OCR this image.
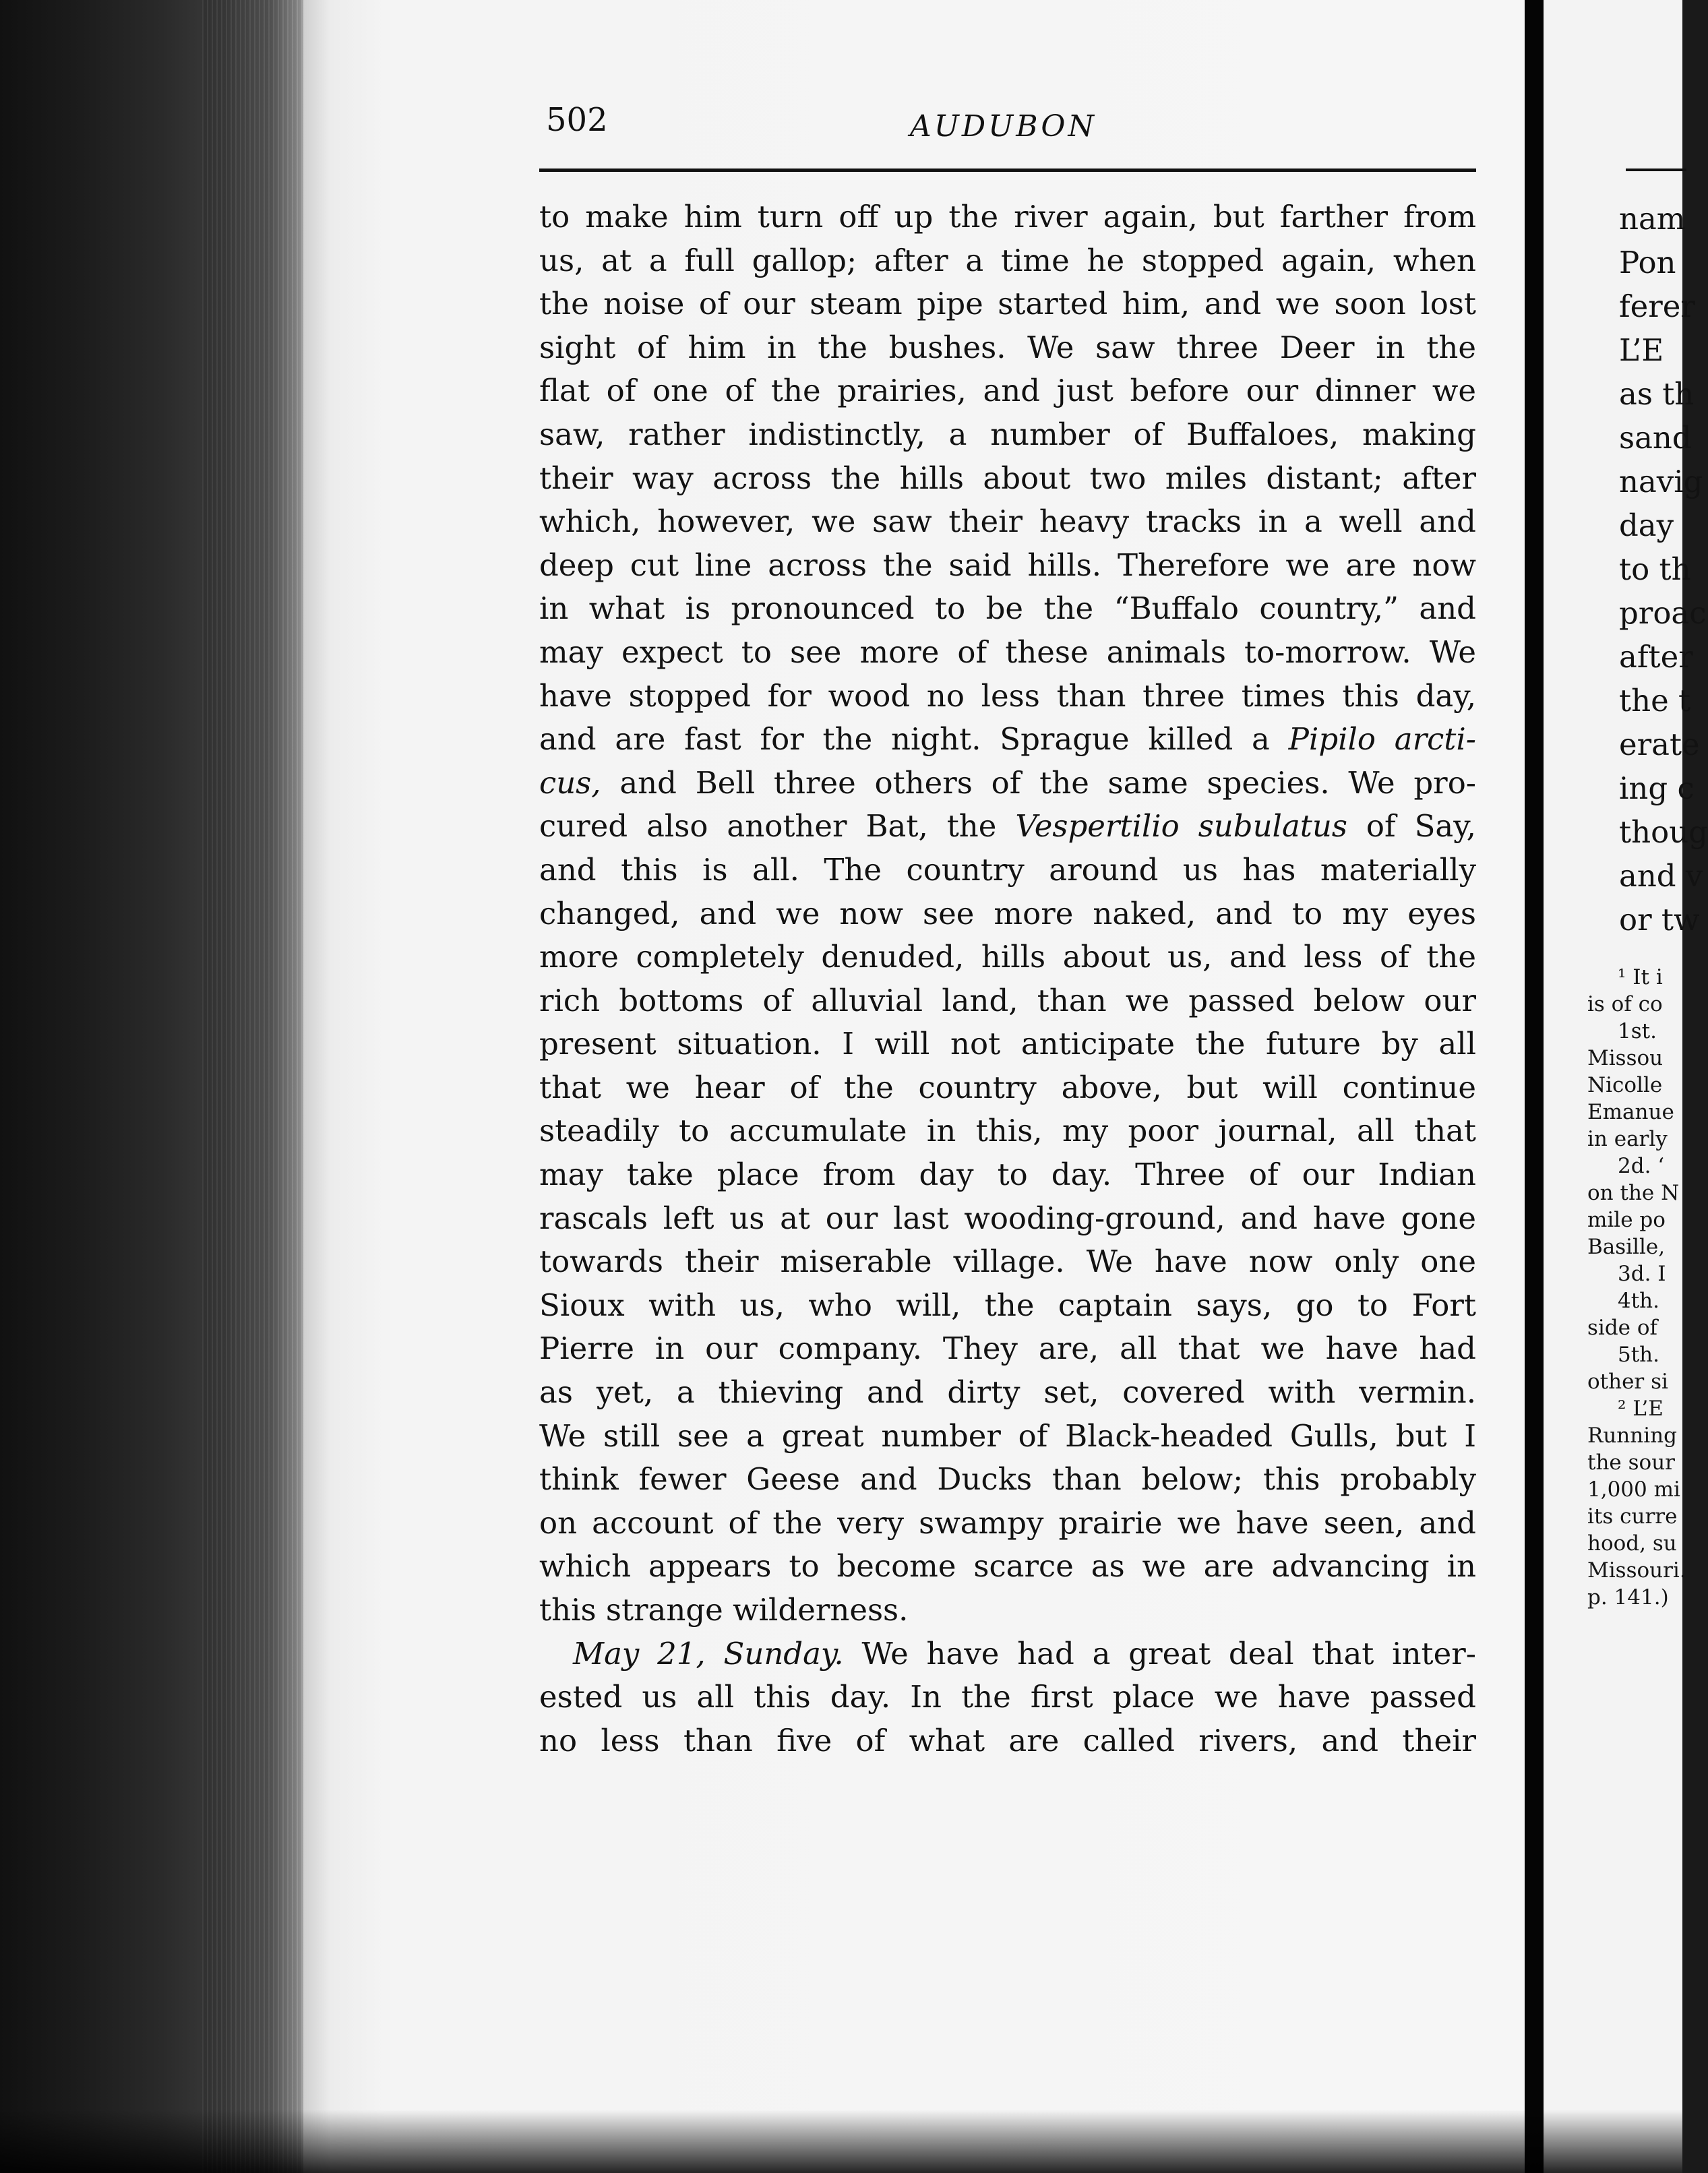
502	AUDUBON
to make him turn off up the river again, but farther from
us, at a full gallop; after a time he stopped again, when
the noise of our steam pipe started him, and we soon lost
sight of him in the bushes. We saw three Deer in the
flat of one of the prairies, and just before our dinner we
saw, rather indistinctly, a number of Buffaloes, making
their way across the hills about two miles distant; after
which, however, we saw their heavy tracks in a well and
deep cut line across the said hills. Therefore we are now
in what is pronounced to be the “Buffalo country,” and
may expect to see more of these animals to-morrow. We
have stopped for wood no less than three times this day,
and are fast for the night. Sprague killed a Pipilo arcti-
cus, and Bell three others of the same species. We pro-
cured also another Bat, the Vespertilio subulatus of Say,
and this is all. The country around us has materially
changed, and we now see more naked, and to my eyes
more completely denuded, hills about us, and less of the
rich bottoms of alluvial land, than we passed below our
present situation. I will not anticipate the future by all
that we hear of the country above, but will continue
steadily to accumulate in this, my poor journal, all that
may take place from day to day. Three of our Indian
rascals left us at our last wooding-ground, and have gone
towards their miserable village. We have now only one
Sioux with us, who will, the captain says, go to Fort
Pierre in our company. They are, all that we have had
as yet, a thieving and dirty set, covered with vermin.
We still see a great number of Black-headed Gulls, but I
think fewer Geese and Ducks than below; this probably
on account of the very swampy prairie we have seen, and
which appears to become scarce as we are advancing in
this strange wilderness.
May 21, Sunday. We have had a great deal that inter-
ested us all this day. In the first place we have passed
no less than five of what are called rivers, and their
nam
Pon
ferer
L’E
as th
sand
navig
day
to th
proac
after
the t
erate
ing c
thoug
and v
or tw
¹ It i
is of co
1st.
Missou
Nicolle
Emanue
in early
2d. ‘
on the N
mile po
Basille,
3d. I
4th.
side of
5th.
other si
² L’E
Running
the sour
1,000 mi
its curre
hood, su
Missouri.
p. 141.)
